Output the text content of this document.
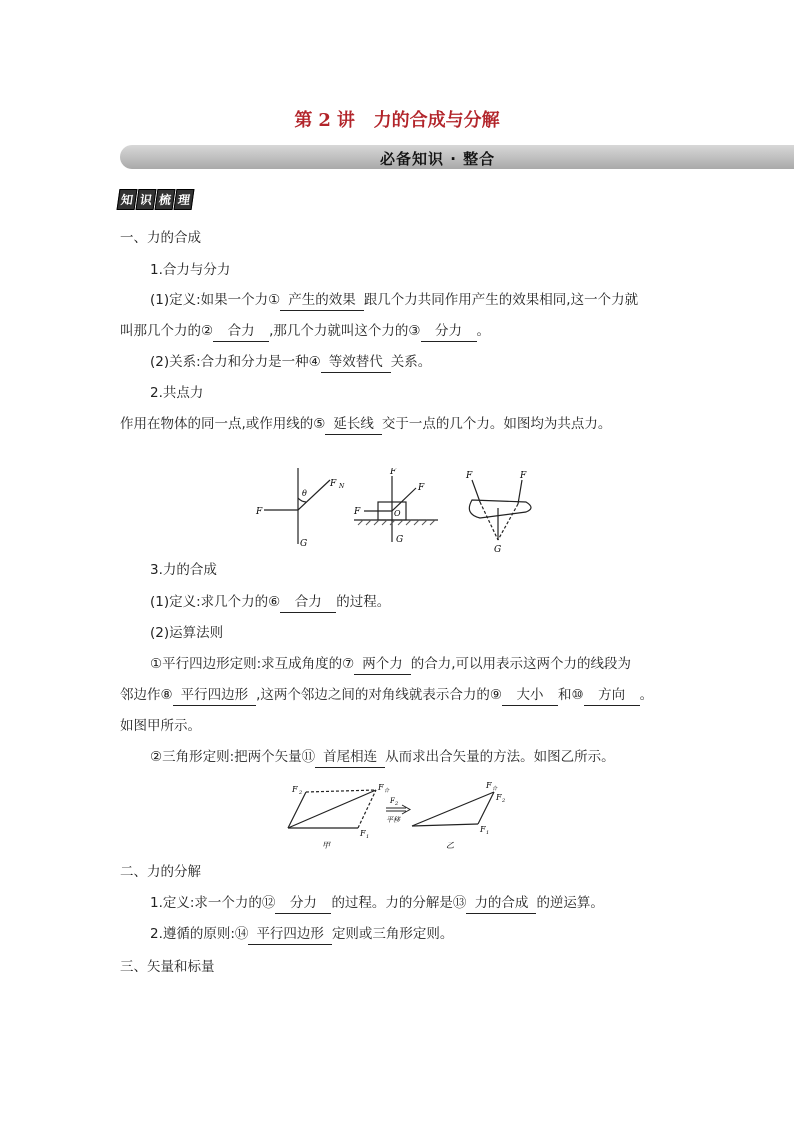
第 2 讲 力的合成与分解
必备知识 · 整合
知 识 梳 理
一、力的合成
1.合力与分力
(1)定义:如果一个力① 产生的效果 跟几个力共同作用产生的效果相同,这一个力就
叫那几个力的② 合力 ,那几个力就叫这个力的③ 分力 。
(2)关系:合力和分力是一种④ 等效替代 关系。
2.共点力
作用在物体的同一点,或作用线的⑤ 延长线 交于一点的几个力。如图均为共点力。
F
F N
θ
G
F
F
F	O
G
F	F
G
3.力的合成
(1)定义:求几个力的⑥ 合力 的过程。
(2)运算法则
①平行四边形定则:求互成角度的⑦ 两个力 的合力,可以用表示这两个力的线段为
邻边作⑧ 平行四边形 ,这两个邻边之间的对角线就表示合力的⑨ 大小 和⑩ 方向 。
如图甲所示。
②三角形定则:把两个矢量⑪ 首尾相连 从而求出合矢量的方法。如图乙所示。
F 2
F 合
F 1
F 2
平移
F 合
F 2
F 1
甲	乙
二、力的分解
1.定义:求一个力的⑫ 分力 的过程。力的分解是⑬ 力的合成 的逆运算。
2.遵循的原则:⑭ 平行四边形 定则或三角形定则。
三、矢量和标量
